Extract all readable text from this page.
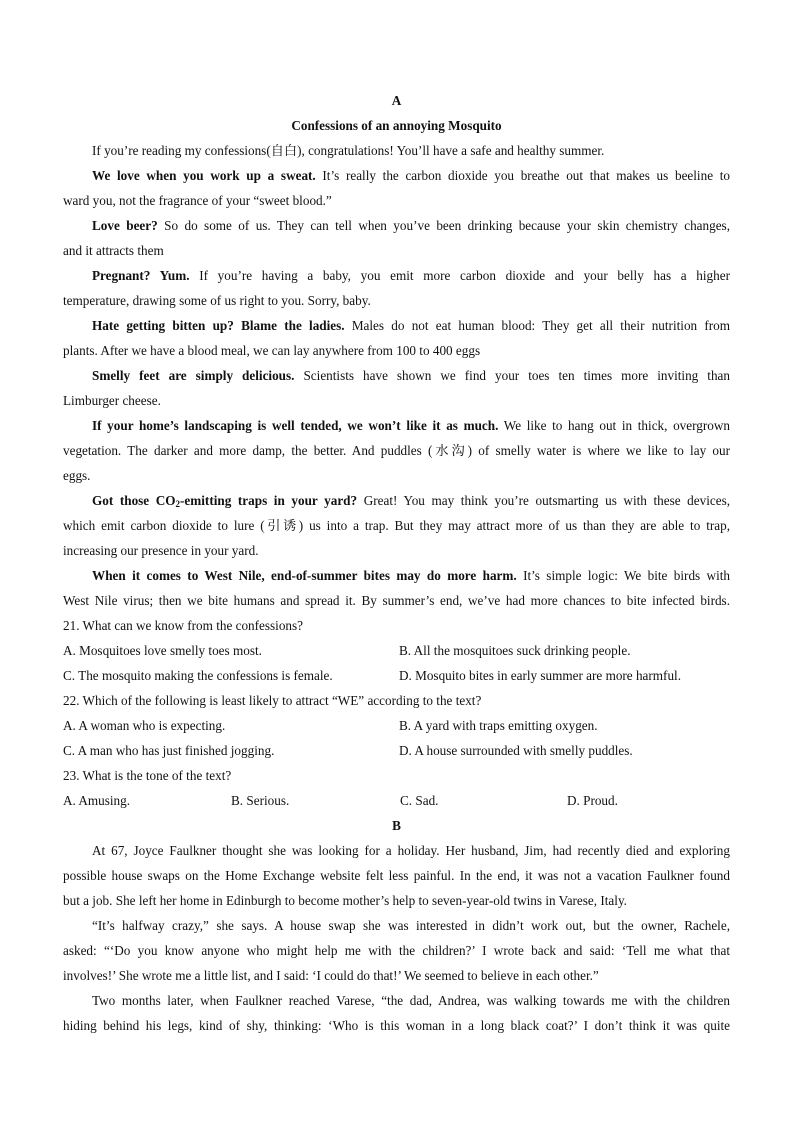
A
Confessions of an annoying Mosquito
If you’re reading my confessions(自白), congratulations! You’ll have a safe and healthy summer.
We love when you work up a sweat. It’s really the carbon dioxide you breathe out that makes us beeline to
ward you, not the fragrance of your “sweet blood.”
Love beer? So do some of us. They can tell when you’ve been drinking because your skin chemistry changes,
and it attracts them
Pregnant? Yum. If you’re having a baby, you emit more carbon dioxide and your belly has a higher
temperature, drawing some of us right to you. Sorry, baby.
Hate getting bitten up? Blame the ladies. Males do not eat human blood: They get all their nutrition from
plants. After we have a blood meal, we can lay anywhere from 100 to 400 eggs
Smelly feet are simply delicious. Scientists have shown we find your toes ten times more inviting than
Limburger cheese.
If your home’s landscaping is well tended, we won’t like it as much. We like to hang out in thick, overgrown
vegetation. The darker and more damp, the better. And puddles (水沟) of smelly water is where we like to lay our
eggs.
Got those $CO_2$-emitting traps in your yard? Great! You may think you’re outsmarting us with these devices,
which emit carbon dioxide to lure (引诱) us into a trap. But they may attract more of us than they are able to trap,
increasing our presence in your yard.
When it comes to West Nile, end-of-summer bites may do more harm. It’s simple logic: We bite birds with
West Nile virus; then we bite humans and spread it. By summer’s end, we’ve had more chances to bite infected birds.
21. What can we know from the confessions?
A. Mosquitoes love smelly toes most.	B. All the mosquitoes suck drinking people.
C. The mosquito making the confessions is female.	D. Mosquito bites in early summer are more harmful.
22. Which of the following is least likely to attract “WE” according to the text?
A. A woman who is expecting.	B. A yard with traps emitting oxygen.
C. A man who has just finished jogging.	D. A house surrounded with smelly puddles.
23. What is the tone of the text?
A. Amusing.	B. Serious.	C. Sad.	D. Proud.
B
At 67, Joyce Faulkner thought she was looking for a holiday. Her husband, Jim, had recently died and exploring
possible house swaps on the Home Exchange website felt less painful. In the end, it was not a vacation Faulkner found
but a job. She left her home in Edinburgh to become mother’s help to seven-year-old twins in Varese, Italy.
“It’s halfway crazy,” she says. A house swap she was interested in didn’t work out, but the owner, Rachele,
asked: “‘Do you know anyone who might help me with the children?’ I wrote back and said: ‘Tell me what that
involves!’ She wrote me a little list, and I said: ‘I could do that!’ We seemed to believe in each other.”
Two months later, when Faulkner reached Varese, “the dad, Andrea, was walking towards me with the children
hiding behind his legs, kind of shy, thinking: ‘Who is this woman in a long black coat?’ I don’t think it was quite
